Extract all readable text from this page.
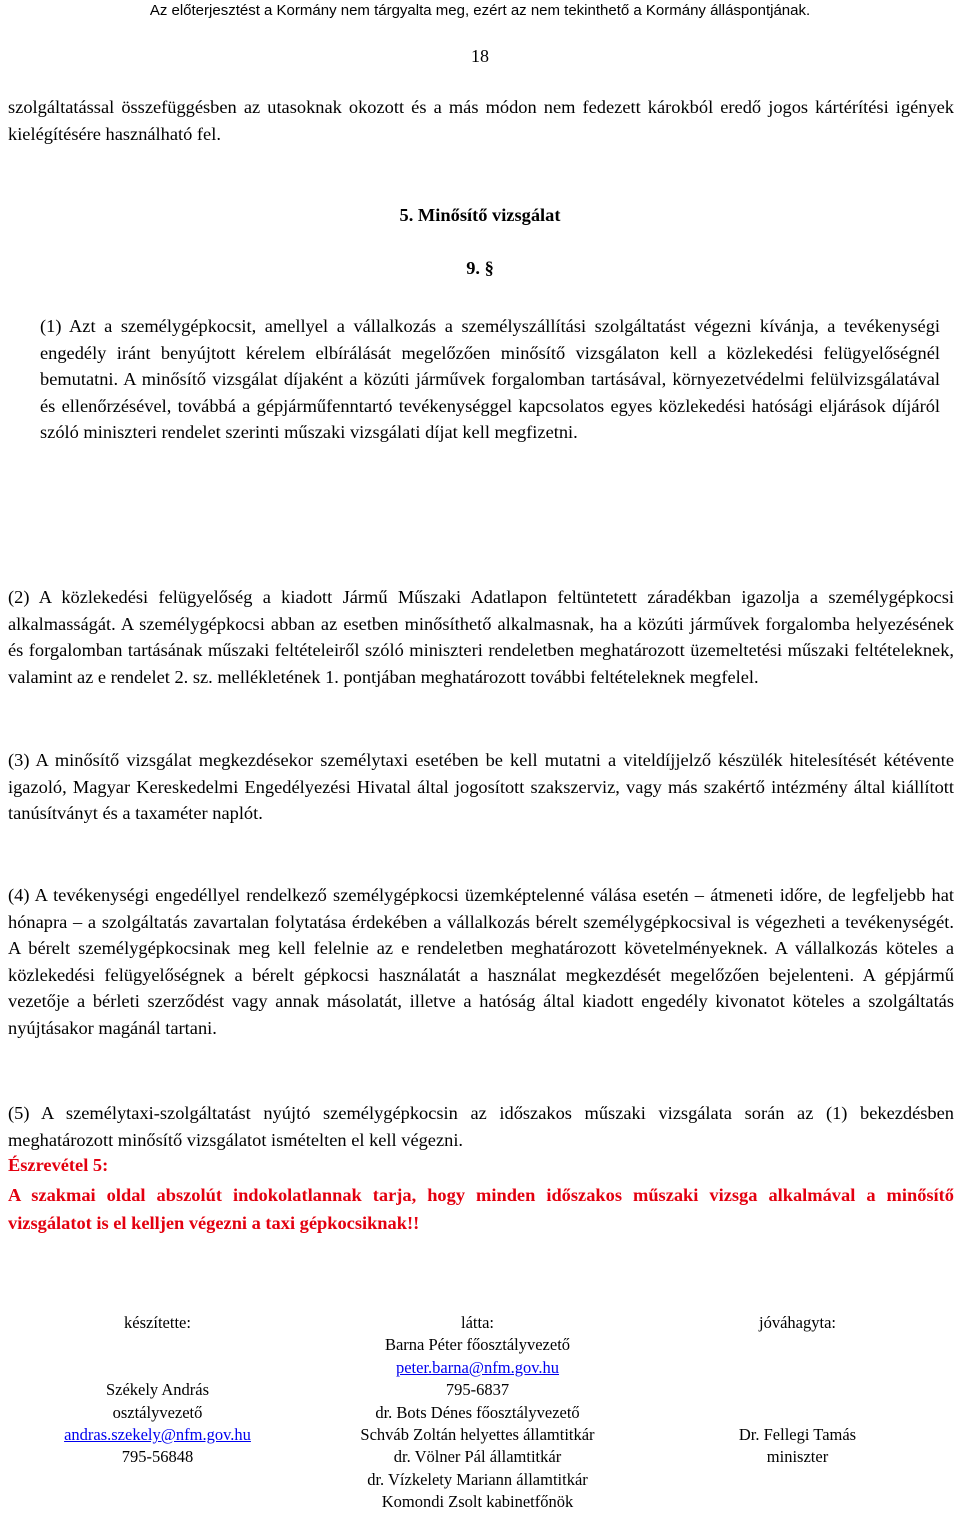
Az előterjesztést a Kormány nem tárgyalta meg, ezért az nem tekinthető a Kormány álláspontjának.
18

szolgáltatással összefüggésben az utasoknak okozott és a más módon nem fedezett károkból eredő jogos kártérítési igények kielégítésére használható fel.

5. Minősítő vizsgálat
9. §

(1) Azt a személygépkocsit, amellyel a vállalkozás a személyszállítási szolgáltatást végezni kívánja, a tevékenységi engedély iránt benyújtott kérelem elbírálását megelőzően minősítő vizsgálaton kell a közlekedési felügyelőségnél bemutatni. A minősítő vizsgálat díjaként a közúti járművek forgalomban tartásával, környezetvédelmi felülvizsgálatával és ellenőrzésével, továbbá a gépjárműfenntartó tevékenységgel kapcsolatos egyes közlekedési hatósági eljárások díjáról szóló miniszteri rendelet szerinti műszaki vizsgálati díjat kell megfizetni.

(2) A közlekedési felügyelőség a kiadott Jármű Műszaki Adatlapon feltüntetett záradékban igazolja a személygépkocsi alkalmasságát. A személygépkocsi abban az esetben minősíthető alkalmasnak, ha a közúti járművek forgalomba helyezésének és forgalomban tartásának műszaki feltételeiről szóló miniszteri rendeletben meghatározott üzemeltetési műszaki feltételeknek, valamint az e rendelet 2. sz. mellékletének 1. pontjában meghatározott további feltételeknek megfelel.

(3) A minősítő vizsgálat megkezdésekor személytaxi esetében be kell mutatni a viteldíjjelző készülék hitelesítését kétévente igazoló, Magyar Kereskedelmi Engedélyezési Hivatal által jogosított szakszerviz, vagy más szakértő intézmény által kiállított tanúsítványt és a taxaméter naplót.

(4) A tevékenységi engedéllyel rendelkező személygépkocsi üzemképtelenné válása esetén – átmeneti időre, de legfeljebb hat hónapra – a szolgáltatás zavartalan folytatása érdekében a vállalkozás bérelt személygépkocsival is végezheti a tevékenységét. A bérelt személygépkocsinak meg kell felelnie az e rendeletben meghatározott követelményeknek. A vállalkozás köteles a közlekedési felügyelőségnek a bérelt gépkocsi használatát a használat megkezdését megelőzően bejelenteni. A gépjármű vezetője a bérleti szerződést vagy annak másolatát, illetve a hatóság által kiadott engedély kivonatot köteles a szolgáltatás nyújtásakor magánál tartani.

(5) A személytaxi-szolgáltatást nyújtó személygépkocsin az időszakos műszaki vizsgálata során az (1) bekezdésben meghatározott minősítő vizsgálatot ismételten el kell végezni.

Észrevétel 5:
A szakmai oldal abszolút indokolatlannak tarja, hogy minden időszakos műszaki vizsga alkalmával a minősítő vizsgálatot is el kelljen végezni a taxi gépkocsiknak!!
készítette:
Székely András
osztályvezető
andras.szekely@nfm.gov.hu
795-56848
látta:
Barna Péter főosztályvezető
peter.barna@nfm.gov.hu
795-6837
dr. Bots Dénes főosztályvezető
Schváb Zoltán helyettes államtitkár
dr. Völner Pál államtitkár
dr. Vízkelety Mariann államtitkár
Komondi Zsolt kabinetfőnök
jóváhagyta:
Dr. Fellegi Tamás
miniszter
